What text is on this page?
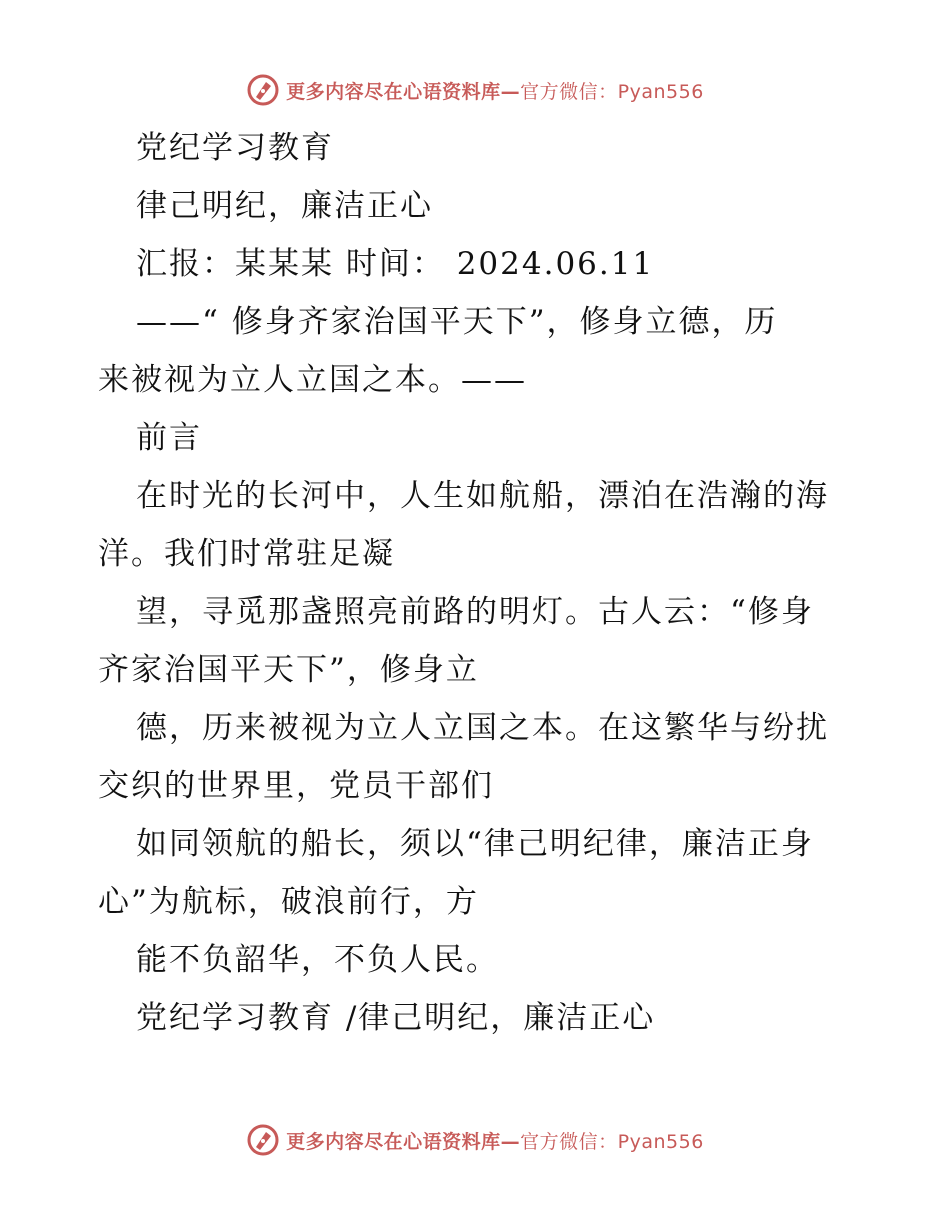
更多内容尽在心语资料库—官方微信：Pyan556
党纪学习教育
律己明纪，廉洁正心
汇报：某某某 时间： 2024.06.11
——“ 修身齐家治国平天下”，修身立德，历
来被视为立人立国之本。——
前言
在时光的长河中，人生如航船，漂泊在浩瀚的海
洋。我们时常驻足凝
望，寻觅那盏照亮前路的明灯。古人云：“修身
齐家治国平天下”，修身立
德，历来被视为立人立国之本。在这繁华与纷扰
交织的世界里，党员干部们
如同领航的船长，须以“律己明纪律，廉洁正身
心”为航标，破浪前行，方
能不负韶华，不负人民。
党纪学习教育 /律己明纪，廉洁正心
更多内容尽在心语资料库—官方微信：Pyan556
